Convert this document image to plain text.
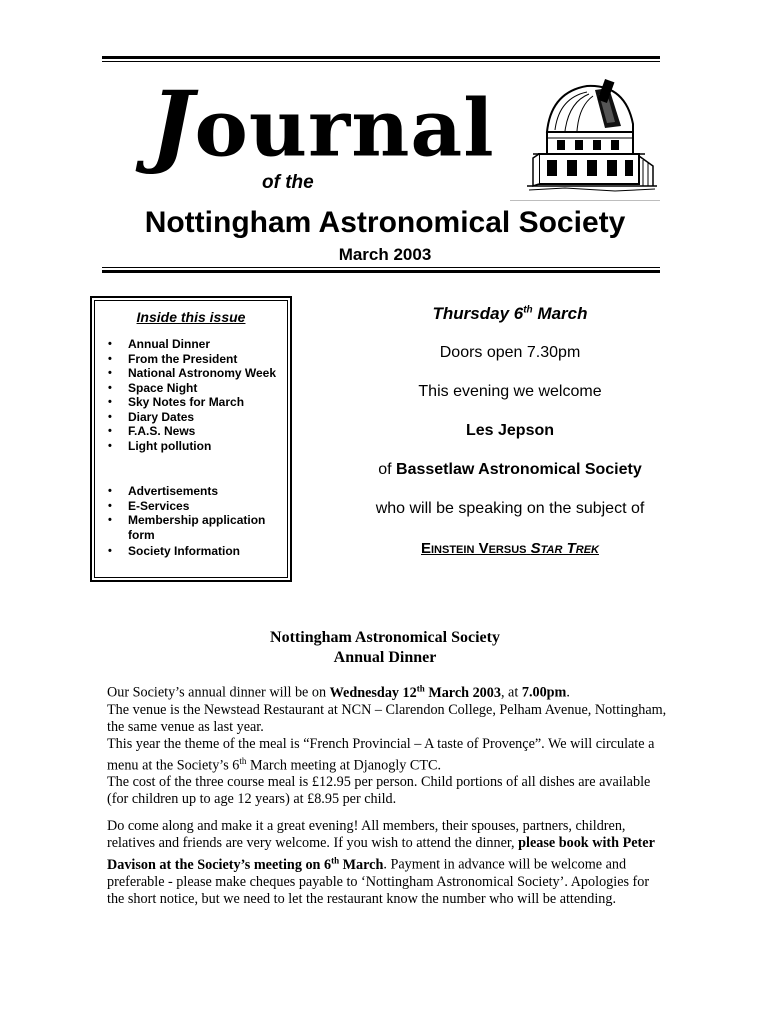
Journal
of the
Nottingham Astronomical Society
March 2003
Inside this issue
• Annual Dinner
• From the President
• National Astronomy Week
• Space Night
• Sky Notes for March
• Diary Dates
• F.A.S. News
• Light pollution
• Advertisements
• E-Services
• Membership application form
• Society Information
Thursday 6th March
Doors open 7.30pm
This evening we welcome
Les Jepson
of Bassetlaw Astronomical Society
who will be speaking on the subject of
Einstein Versus Star Trek
Nottingham Astronomical Society
Annual Dinner

Our Society’s annual dinner will be on Wednesday 12th March 2003, at 7.00pm.

The venue is the Newstead Restaurant at NCN – Clarendon College, Pelham Avenue, Nottingham, the same venue as last year.

This year the theme of the meal is “French Provincial – A taste of Provençe”. We will circulate a menu at the Society’s 6th March meeting at Djanogly CTC.

The cost of the three course meal is £12.95 per person. Child portions of all dishes are available (for children up to age 12 years) at £8.95 per child.

Do come along and make it a great evening! All members, their spouses, partners, children, relatives and friends are very welcome. If you wish to attend the dinner, please book with Peter Davison at the Society’s meeting on 6th March. Payment in advance will be welcome and preferable - please make cheques payable to ‘Nottingham Astronomical Society’. Apologies for the short notice, but we need to let the restaurant know the number who will be attending.
